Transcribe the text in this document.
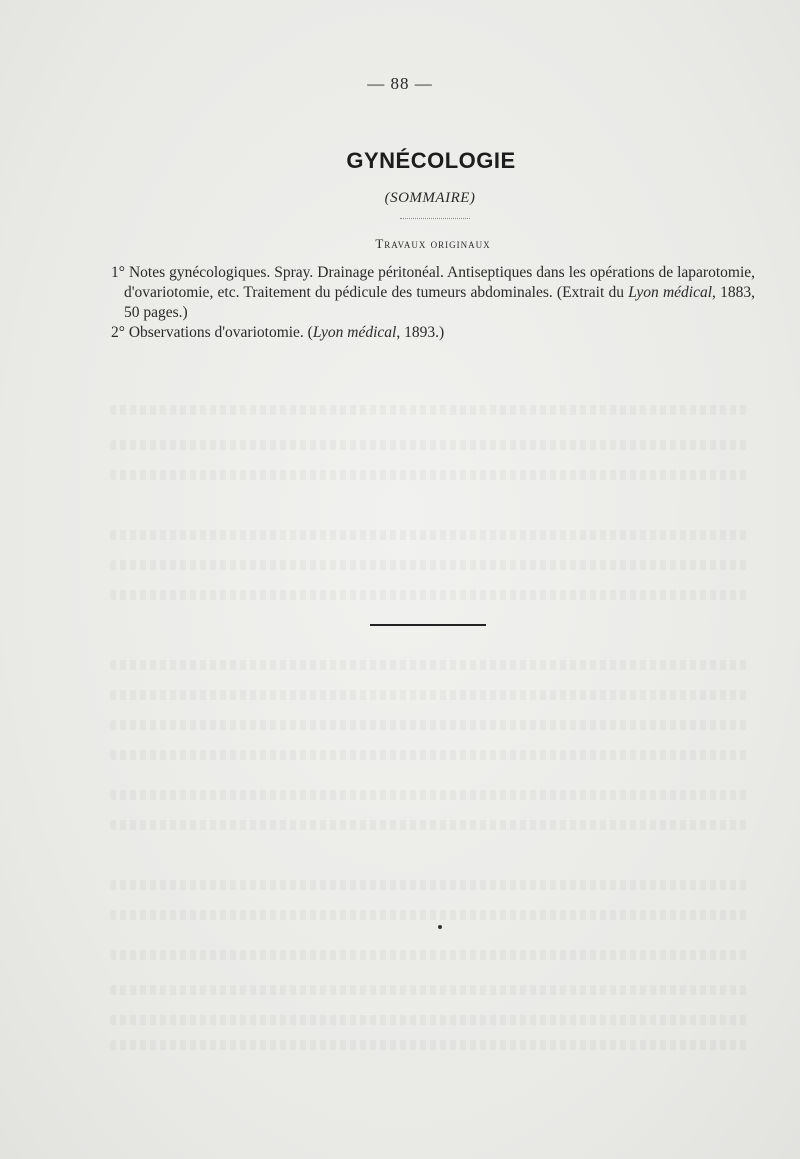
— 88 —
GYNÉCOLOGIE
(SOMMAIRE)
Travaux originaux
1° Notes gynécologiques. Spray. Drainage péritonéal. Antiseptiques dans les opérations de laparotomie, d'ovariotomie, etc. Traitement du pédicule des tumeurs abdominales. (Extrait du Lyon médical, 1883, 50 pages.)
2° Observations d'ovariotomie. (Lyon médical, 1893.)
